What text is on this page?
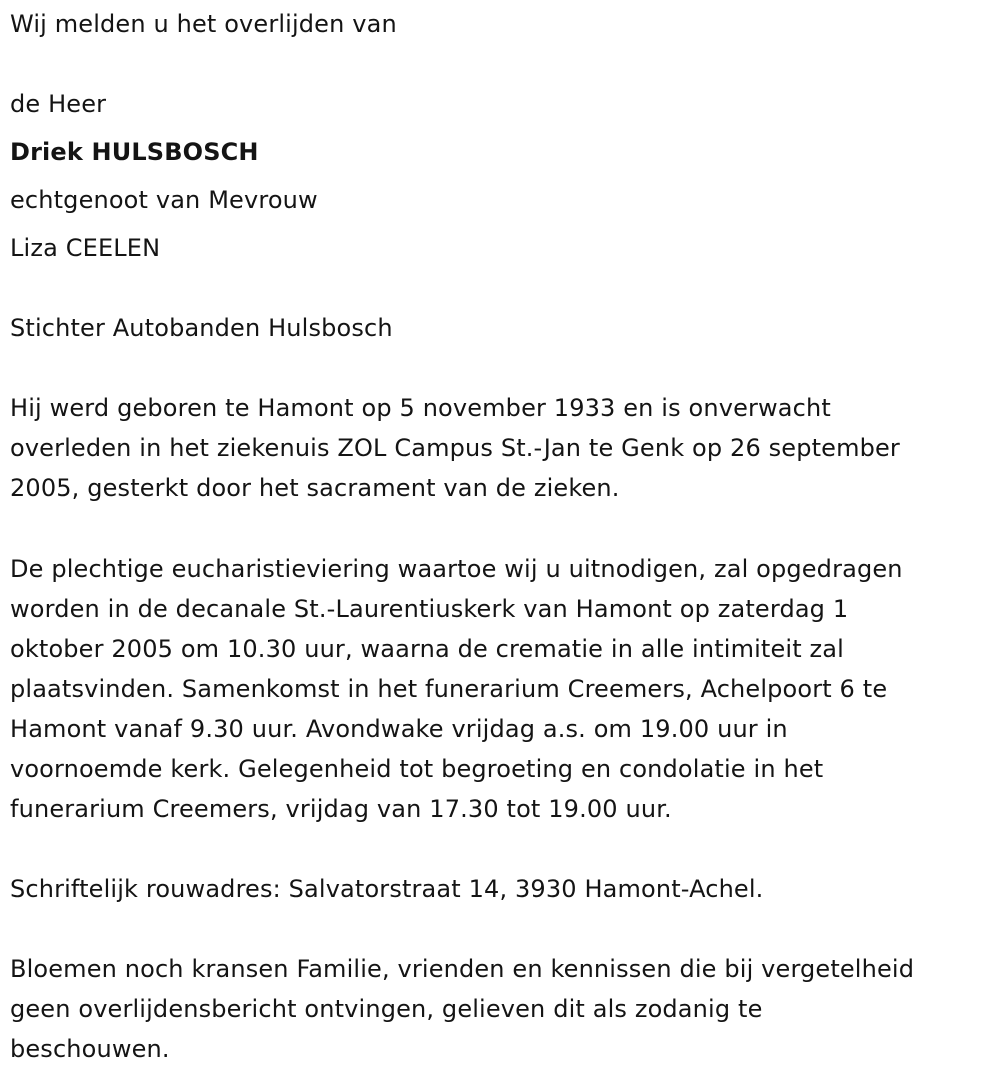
Wij melden u het overlijden van
de Heer
Driek HULSBOSCH
echtgenoot van Mevrouw
Liza CEELEN
Stichter Autobanden Hulsbosch
Hij werd geboren te Hamont op 5 november 1933 en is onverwacht
overleden in het ziekenuis ZOL Campus St.-Jan te Genk op 26 september
2005, gesterkt door het sacrament van de zieken.
De plechtige eucharistieviering waartoe wij u uitnodigen, zal opgedragen
worden in de decanale St.-Laurentiuskerk van Hamont op zaterdag 1
oktober 2005 om 10.30 uur, waarna de crematie in alle intimiteit zal
plaatsvinden. Samenkomst in het funerarium Creemers, Achelpoort 6 te
Hamont vanaf 9.30 uur. Avondwake vrijdag a.s. om 19.00 uur in
voornoemde kerk. Gelegenheid tot begroeting en condolatie in het
funerarium Creemers, vrijdag van 17.30 tot 19.00 uur.
Schriftelijk rouwadres: Salvatorstraat 14, 3930 Hamont-Achel.
Bloemen noch kransen Familie, vrienden en kennissen die bij vergetelheid
geen overlijdensbericht ontvingen, gelieven dit als zodanig te
beschouwen.
